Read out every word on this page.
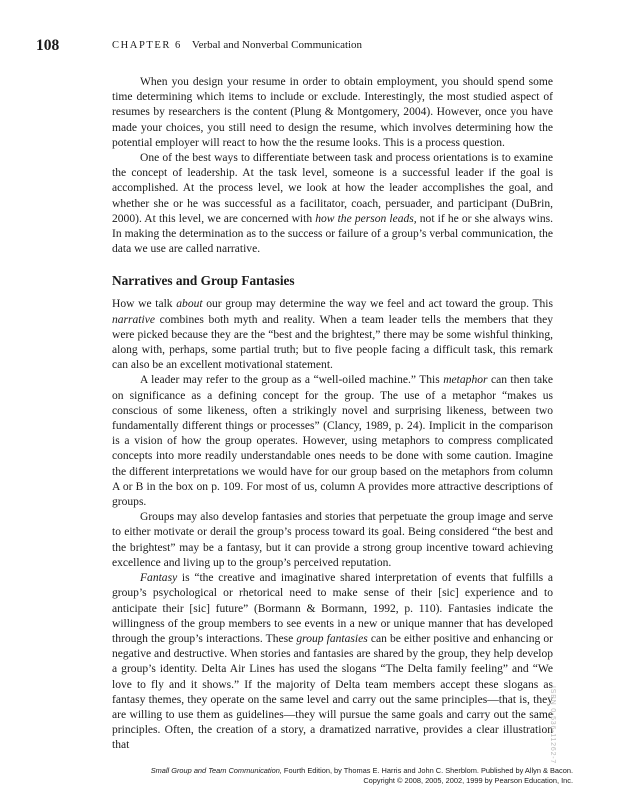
108	CHAPTER 6 Verbal and Nonverbal Communication

When you design your resume in order to obtain employment, you should spend some time determining which items to include or exclude. Interestingly, the most studied aspect of resumes by researchers is the content (Plung & Montgomery, 2004). However, once you have made your choices, you still need to design the resume, which involves determining how the potential employer will react to how the the resume looks. This is a process question.

One of the best ways to differentiate between task and process orientations is to examine the concept of leadership. At the task level, someone is a successful leader if the goal is accomplished. At the process level, we look at how the leader accomplishes the goal, and whether she or he was successful as a facilitator, coach, persuader, and participant (DuBrin, 2000). At this level, we are concerned with how the person leads, not if he or she always wins. In making the determination as to the success or failure of a group’s verbal communication, the data we use are called narrative.

Narratives and Group Fantasies

How we talk about our group may determine the way we feel and act toward the group. This narrative combines both myth and reality. When a team leader tells the members that they were picked because they are the “best and the brightest,” there may be some wishful thinking, along with, perhaps, some partial truth; but to five people facing a difficult task, this remark can also be an excellent motivational statement.

A leader may refer to the group as a “well-oiled machine.” This metaphor can then take on significance as a defining concept for the group. The use of a metaphor “makes us conscious of some likeness, often a strikingly novel and surprising likeness, between two fundamentally different things or processes” (Clancy, 1989, p. 24). Implicit in the comparison is a vision of how the group operates. However, using metaphors to compress complicated concepts into more readily understandable ones needs to be done with some caution. Imagine the different interpretations we would have for our group based on the metaphors from column A or B in the box on p. 109. For most of us, column A provides more attractive descriptions of groups.

Groups may also develop fantasies and stories that perpetuate the group image and serve to either motivate or derail the group’s process toward its goal. Being considered “the best and the brightest” may be a fantasy, but it can provide a strong group incentive toward achieving excellence and living up to the group’s perceived reputation.

Fantasy is “the creative and imaginative shared interpretation of events that fulfills a group’s psychological or rhetorical need to make sense of their [sic] experience and to anticipate their [sic] future” (Bormann & Bormann, 1992, p. 110). Fantasies indicate the willingness of the group members to see events in a new or unique manner that has developed through the group’s interactions. These group fantasies can be either positive and enhancing or negative and destructive. When stories and fantasies are shared by the group, they help develop a group’s identity. Delta Air Lines has used the slogans “The Delta family feeling” and “We love to fly and it shows.” If the majority of Delta team members accept these slogans as fantasy themes, they operate on the same level and carry out the same principles—that is, they are willing to use them as guidelines—they will pursue the same goals and carry out the same principles. Often, the creation of a story, a dramatized narrative, provides a clear illustration that	ISBN 0-536-11262-7
Small Group and Team Communication, Fourth Edition, by Thomas E. Harris and John C. Sherblom. Published by Allyn & Bacon.
Copyright © 2008, 2005, 2002, 1999 by Pearson Education, Inc.
